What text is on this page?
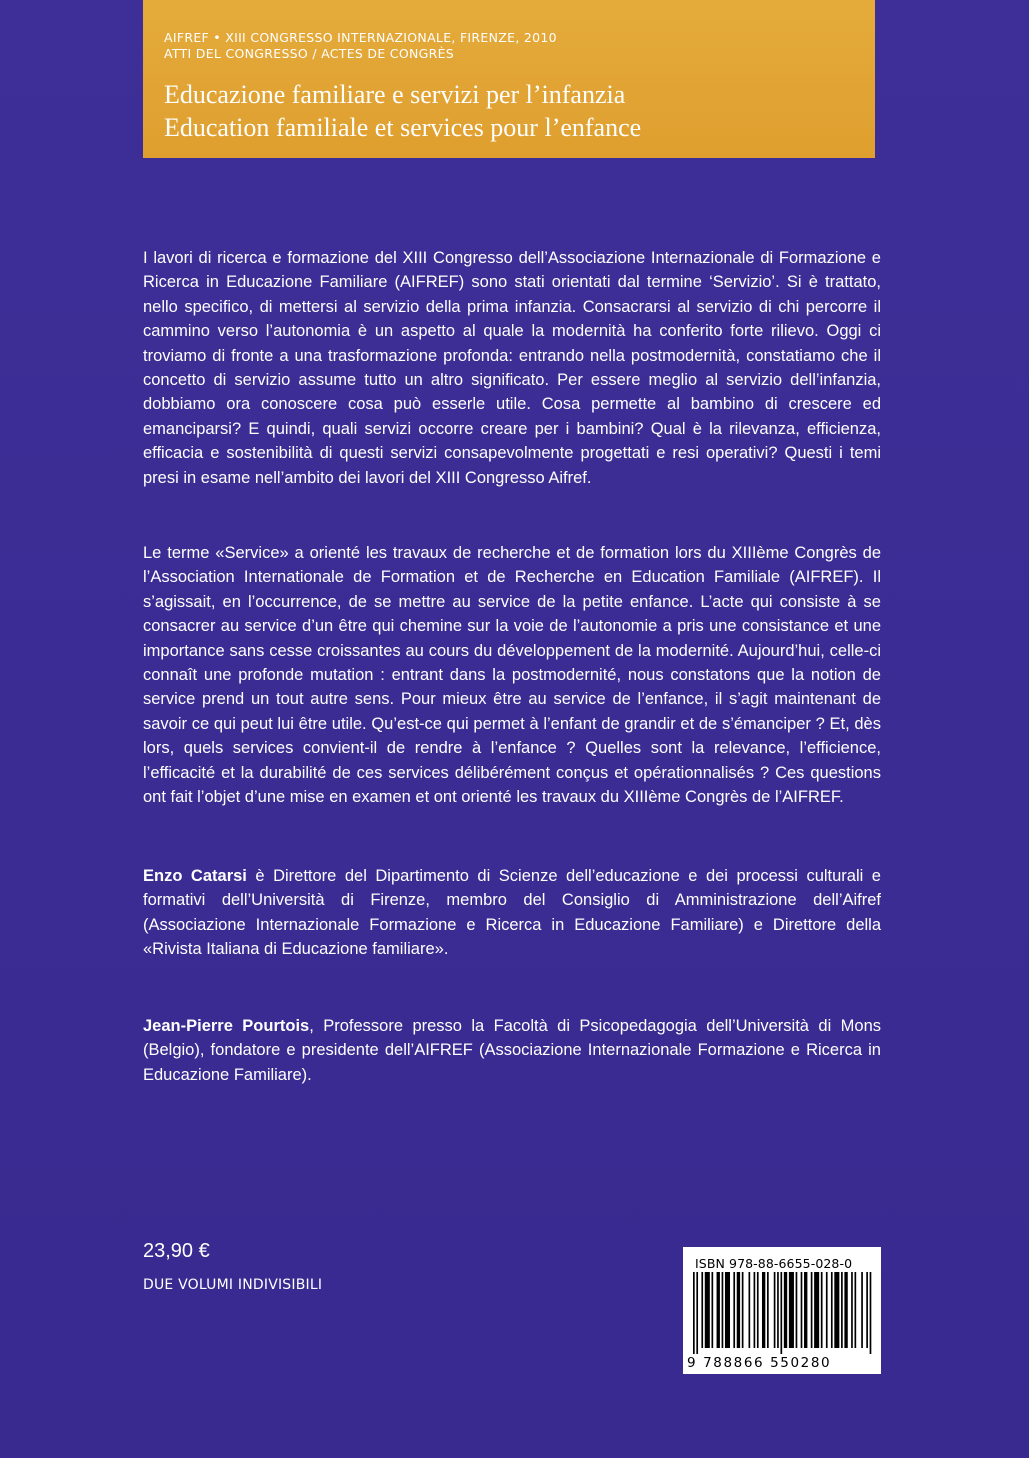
AIFREF • XIII CONGRESSO INTERNAZIONALE, FIRENZE, 2010
ATTI DEL CONGRESSO / ACTES DE CONGRÈS
Educazione familiare e servizi per l’infanzia
Education familiale et services pour l’enfance

I lavori di ricerca e formazione del XIII Congresso dell’Associazione Internazionale di Formazione e Ricerca in Educazione Familiare (AIFREF) sono stati orientati dal termine ‘Servizio’. Si è trattato, nello specifico, di mettersi al servizio della prima infanzia. Consacrarsi al servizio di chi percorre il cammino verso l’autonomia è un aspetto al quale la modernità ha conferito forte rilievo. Oggi ci troviamo di fronte a una trasformazione profonda: entrando nella postmodernità, constatiamo che il concetto di servizio assume tutto un altro significato. Per essere meglio al servizio dell’infanzia, dobbiamo ora conoscere cosa può esserle utile. Cosa permette al bambino di crescere ed emanciparsi? E quindi, quali servizi occorre creare per i bambini? Qual è la rilevanza, efficienza, efficacia e sostenibilità di questi servizi consapevolmente progettati e resi operativi? Questi i temi presi in esame nell’ambito dei lavori del XIII Congresso Aifref.

Le terme «Service» a orienté les travaux de recherche et de formation lors du XIIIème Congrès de l’Association Internationale de Formation et de Recherche en Education Familiale (AIFREF). Il s’agissait, en l’occurrence, de se mettre au service de la petite enfance. L’acte qui consiste à se consacrer au service d’un être qui chemine sur la voie de l’autonomie a pris une consistance et une importance sans cesse croissantes au cours du développement de la modernité. Aujourd’hui, celle-ci connaît une profonde mutation : entrant dans la postmodernité, nous constatons que la notion de service prend un tout autre sens. Pour mieux être au service de l’enfance, il s’agit maintenant de savoir ce qui peut lui être utile. Qu’est-ce qui permet à l’enfant de grandir et de s’émanciper ? Et, dès lors, quels services convient-il de rendre à l’enfance ? Quelles sont la relevance, l’efficience, l’efficacité et la durabilité de ces services délibérément conçus et opérationnalisés ? Ces questions ont fait l’objet d’une mise en examen et ont orienté les travaux du XIIIème Congrès de l’AIFREF.

Enzo Catarsi è Direttore del Dipartimento di Scienze dell’educazione e dei processi culturali e formativi dell’Università di Firenze, membro del Consiglio di Amministrazione dell’Aifref (Associazione Internazionale Formazione e Ricerca in Educazione Familiare) e Direttore della «Rivista Italiana di Educazione familiare».

Jean-Pierre Pourtois, Professore presso la Facoltà di Psicopedagogia dell’Università di Mons (Belgio), fondatore e presidente dell’AIFREF (Associazione Internazionale Formazione e Ricerca in Educazione Familiare).

23,90 €
DUE VOLUMI INDIVISIBILI
ISBN 978-88-6655-028-0
9 788866 550280
